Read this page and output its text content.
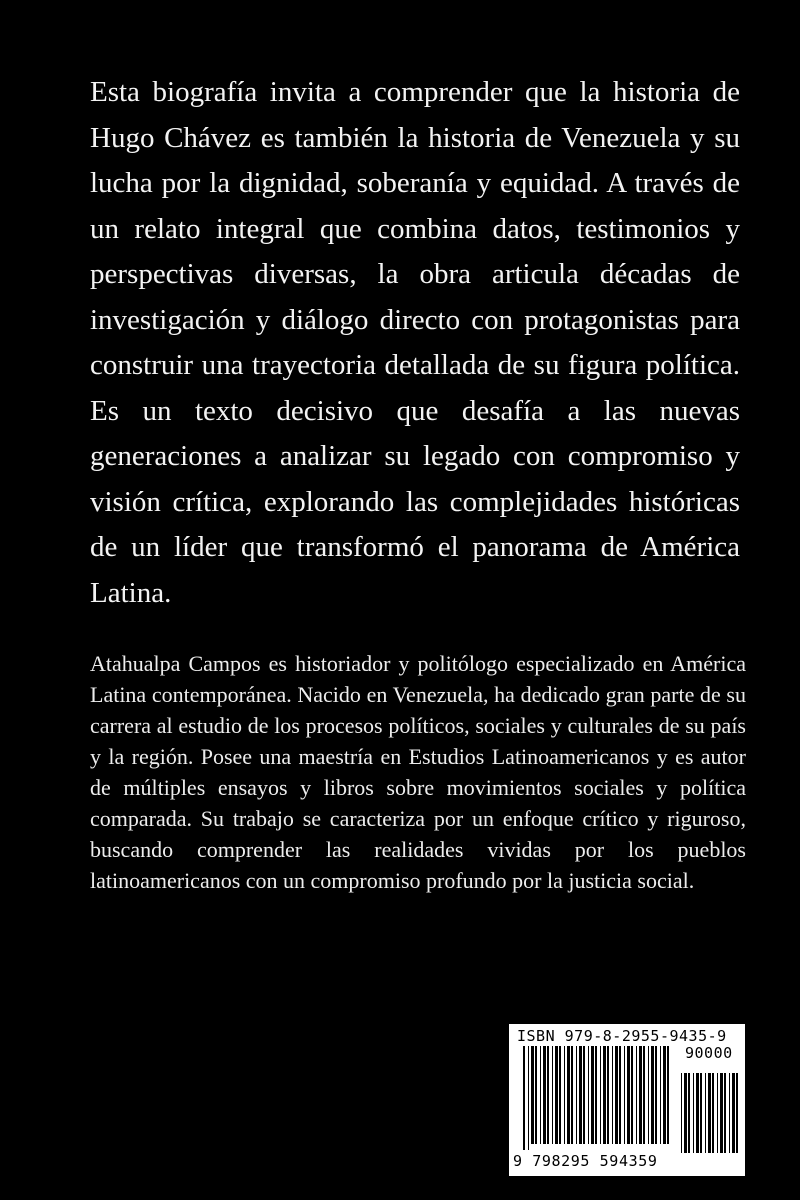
Esta biografía invita a comprender que la historia de Hugo Chávez es también la historia de Venezuela y su lucha por la dignidad, soberanía y equidad. A través de un relato integral que combina datos, testimonios y perspectivas diversas, la obra articula décadas de investigación y diálogo directo con protagonistas para construir una trayectoria detallada de su figura política. Es un texto decisivo que desafía a las nuevas generaciones a analizar su legado con compromiso y visión crítica, explorando las complejidades históricas de un líder que transformó el panorama de América Latina.

Atahualpa Campos es historiador y politólogo especializado en América Latina contemporánea. Nacido en Venezuela, ha dedicado gran parte de su carrera al estudio de los procesos políticos, sociales y culturales de su país y la región. Posee una maestría en Estudios Latinoamericanos y es autor de múltiples ensayos y libros sobre movimientos sociales y política comparada. Su trabajo se caracteriza por un enfoque crítico y riguroso, buscando comprender las realidades vividas por los pueblos latinoamericanos con un compromiso profundo por la justicia social.

ISBN 979-8-2955-9435-9
90000
9 798295 594359
